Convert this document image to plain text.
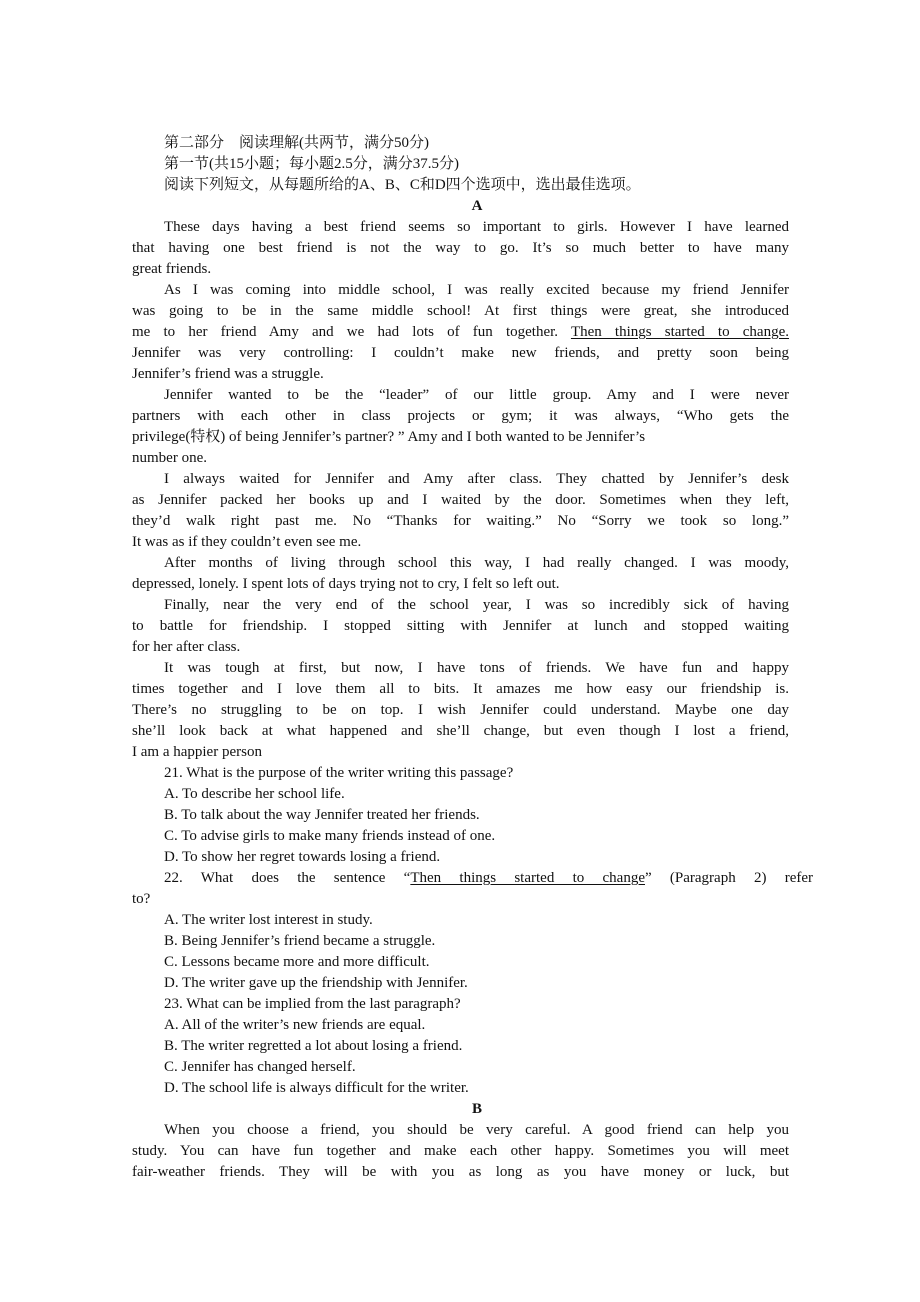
第二部分　阅读理解(共两节，满分50分)
第一节(共15小题；每小题2.5分，满分37.5分)
阅读下列短文，从每题所给的A、B、C和D四个选项中，选出最佳选项。
A
These days having a best friend seems so important to girls. However I have learned
that having one best friend is not the way to go. It’s so much better to have many
great friends.
As I was coming into middle school, I was really excited because my friend Jennifer
was going to be in the same middle school! At first things were great, she introduced
me to her friend Amy and we had lots of fun together. Then things started to change.
Jennifer was very controlling: I couldn’t make new friends, and pretty soon being
Jennifer’s friend was a struggle.
Jennifer wanted to be the “leader” of our little group. Amy and I were never
partners with each other in class projects or gym; it was always, “Who gets the
privilege(特权) of being Jennifer’s partner? ” Amy and I both wanted to be Jennifer’s
number one.
I always waited for Jennifer and Amy after class. They chatted by Jennifer’s desk
as Jennifer packed her books up and I waited by the door. Sometimes when they left,
they’d walk right past me. No “Thanks for waiting.” No “Sorry we took so long.”
It was as if they couldn’t even see me.
After months of living through school this way, I had really changed. I was moody,
depressed, lonely. I spent lots of days trying not to cry, I felt so left out.
Finally, near the very end of the school year, I was so incredibly sick of having
to battle for friendship. I stopped sitting with Jennifer at lunch and stopped waiting
for her after class.
It was tough at first, but now, I have tons of friends. We have fun and happy
times together and I love them all to bits. It amazes me how easy our friendship is.
There’s no struggling to be on top. I wish Jennifer could understand. Maybe one day
she’ll look back at what happened and she’ll change, but even though I lost a friend,
I am a happier person
21. What is the purpose of the writer writing this passage?
A. To describe her school life.
B. To talk about the way Jennifer treated her friends.
C. To advise girls to make many friends instead of one.
D. To show her regret towards losing a friend.
22. What does the sentence “Then things started to change” (Paragraph 2) refer
to?
A. The writer lost interest in study.
B. Being Jennifer’s friend became a struggle.
C. Lessons became more and more difficult.
D. The writer gave up the friendship with Jennifer.
23. What can be implied from the last paragraph?
A. All of the writer’s new friends are equal.
B. The writer regretted a lot about losing a friend.
C. Jennifer has changed herself.
D. The school life is always difficult for the writer.
B
When you choose a friend, you should be very careful. A good friend can help you
study. You can have fun together and make each other happy. Sometimes you will meet
fair-weather friends. They will be with you as long as you have money or luck, but
